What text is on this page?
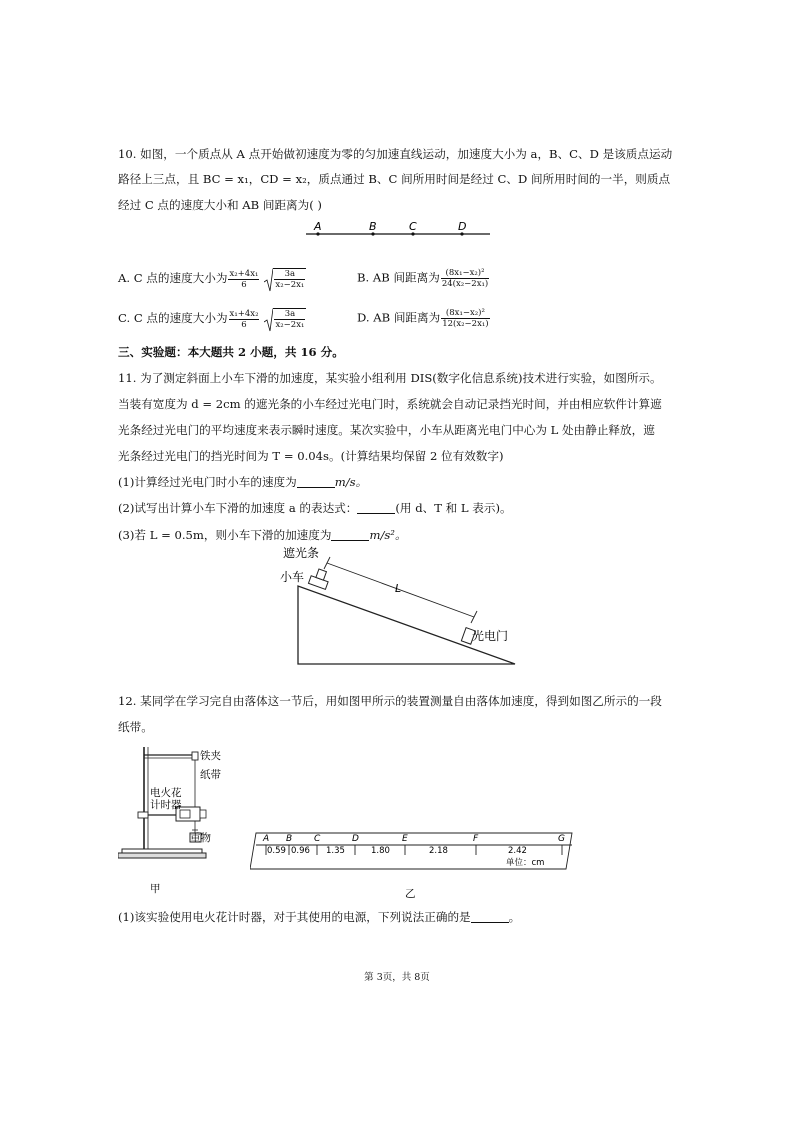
10. 如图，一个质点从 A 点开始做初速度为零的匀加速直线运动，加速度大小为 a，B、C、D 是该质点运动
路径上三点，且 BC = x₁，CD = x₂，质点通过 B、C 间所用时间是经过 C、D 间所用时间的一半，则质点
经过 C 点的速度大小和 AB 间距离为( )
A	B	C	D
A. C 点的速度大小为 $\frac{\text{x₂+4x₁}}{6} \frac{3a}{\text{x₂−2x₁}}$	B. AB 间距离为 $\frac{\text{(8x₁−x₂)²}}{\text{24(x₂−2x₁)}}$
C. C 点的速度大小为 $\frac{\text{x₁+4x₂}}{6} \frac{3a}{\text{x₂−2x₁}}$	D. AB 间距离为 $\frac{\text{(8x₁−x₂)²}}{\text{12(x₂−2x₁)}}$
三、实验题：本大题共 2 小题，共 16 分。
11. 为了测定斜面上小车下滑的加速度，某实验小组利用 DIS(数字化信息系统)技术进行实验，如图所示。
当装有宽度为 d = 2cm 的遮光条的小车经过光电门时，系统就会自动记录挡光时间，并由相应软件计算遮
光条经过光电门的平均速度来表示瞬时速度。某次实验中，小车从距离光电门中心为 L 处由静止释放，遮
光条经过光电门的挡光时间为 T = 0.04s。(计算结果均保留 2 位有效数字)
(1)计算经过光电门时小车的速度为	m/s。
(2)试写出计算小车下滑的加速度 a 的表达式：	(用 d、T 和 L 表示)。
(3)若 L = 0.5m，则小车下滑的加速度为	m/s²。
遮光条
小车
L
光电门
12. 某同学在学习完自由落体这一节后，用如图甲所示的装置测量自由落体加速度，得到如图乙所示的一段
纸带。
铁夹
纸带
电火花
计时器
重物
甲
A B C	D	E	F	G
0.59 0.96 1.35	1.80	2.18	2.42
单位：cm
乙
(1)该实验使用电火花计时器，对于其使用的电源，下列说法正确的是	。
第 3页，共 8页
